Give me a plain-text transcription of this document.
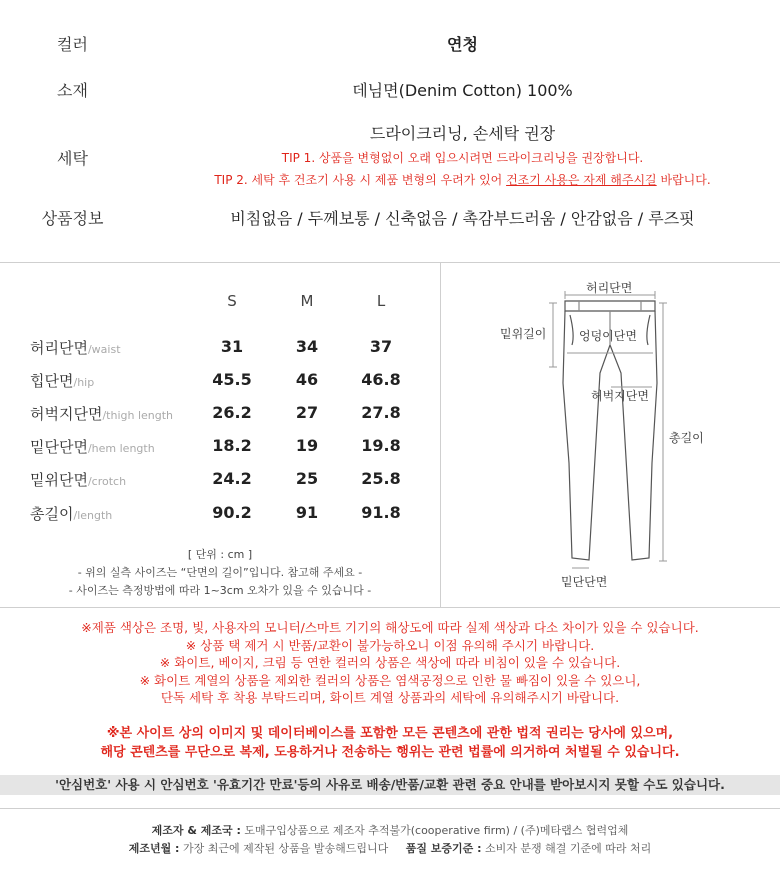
컬러	연청
소재	데님면(Denim Cotton) 100%
세탁
드라이크리닝, 손세탁 권장
TIP 1. 상품을 변형없이 오래 입으시려면 드라이크리닝을 권장합니다.
TIP 2. 세탁 후 건조기 사용 시 제품 변형의 우려가 있어 건조기 사용은 자제 해주시길 바랍니다.
상품정보	비침없음 / 두께보통 / 신축없음 / 촉감부드러움 / 안감없음 / 루즈핏
S	M	L
허리단면/waist	31	34	37
힙단면/hip	45.5	46	46.8
허벅지단면/thigh length	26.2	27	27.8
밑단단면/hem length	18.2	19	19.8
밑위단면/crotch	24.2	25	25.8
총길이/length	90.2	91	91.8
[ 단위 : cm ]
- 위의 실측 사이즈는 “단면의 길이”입니다. 참고해 주세요 -
- 사이즈는 측정방법에 따라 1~3cm 오차가 있을 수 있습니다 -
허리단면
밑위길이	엉덩이단면
허벅지단면
총길이
밑단단면
※제품 색상은 조명, 빛, 사용자의 모니터/스마트 기기의 해상도에 따라 실제 색상과 다소 차이가 있을 수 있습니다.
※ 상품 택 제거 시 반품/교환이 불가능하오니 이점 유의해 주시기 바랍니다.
※ 화이트, 베이지, 크림 등 연한 컬러의 상품은 색상에 따라 비침이 있을 수 있습니다.
※ 화이트 계열의 상품을 제외한 컬러의 상품은 염색공정으로 인한 물 빠짐이 있을 수 있으니,
단독 세탁 후 착용 부탁드리며, 화이트 계열 상품과의 세탁에 유의해주시기 바랍니다.
※본 사이트 상의 이미지 및 데이터베이스를 포함한 모든 콘텐츠에 관한 법적 권리는 당사에 있으며,
해당 콘텐츠를 무단으로 복제, 도용하거나 전송하는 행위는 관련 법률에 의거하여 처벌될 수 있습니다.
'안심번호' 사용 시 안심번호 '유효기간 만료'등의 사유로 배송/반품/교환 관련 중요 안내를 받아보시지 못할 수도 있습니다.
제조자 & 제조국 : 도매구입상품으로 제조자 추적불가(cooperative firm) / (주)메타랩스 협력업체
제조년월 : 가장 최근에 제작된 상품을 발송해드립니다 품질 보증기준 : 소비자 분쟁 해결 기준에 따라 처리
